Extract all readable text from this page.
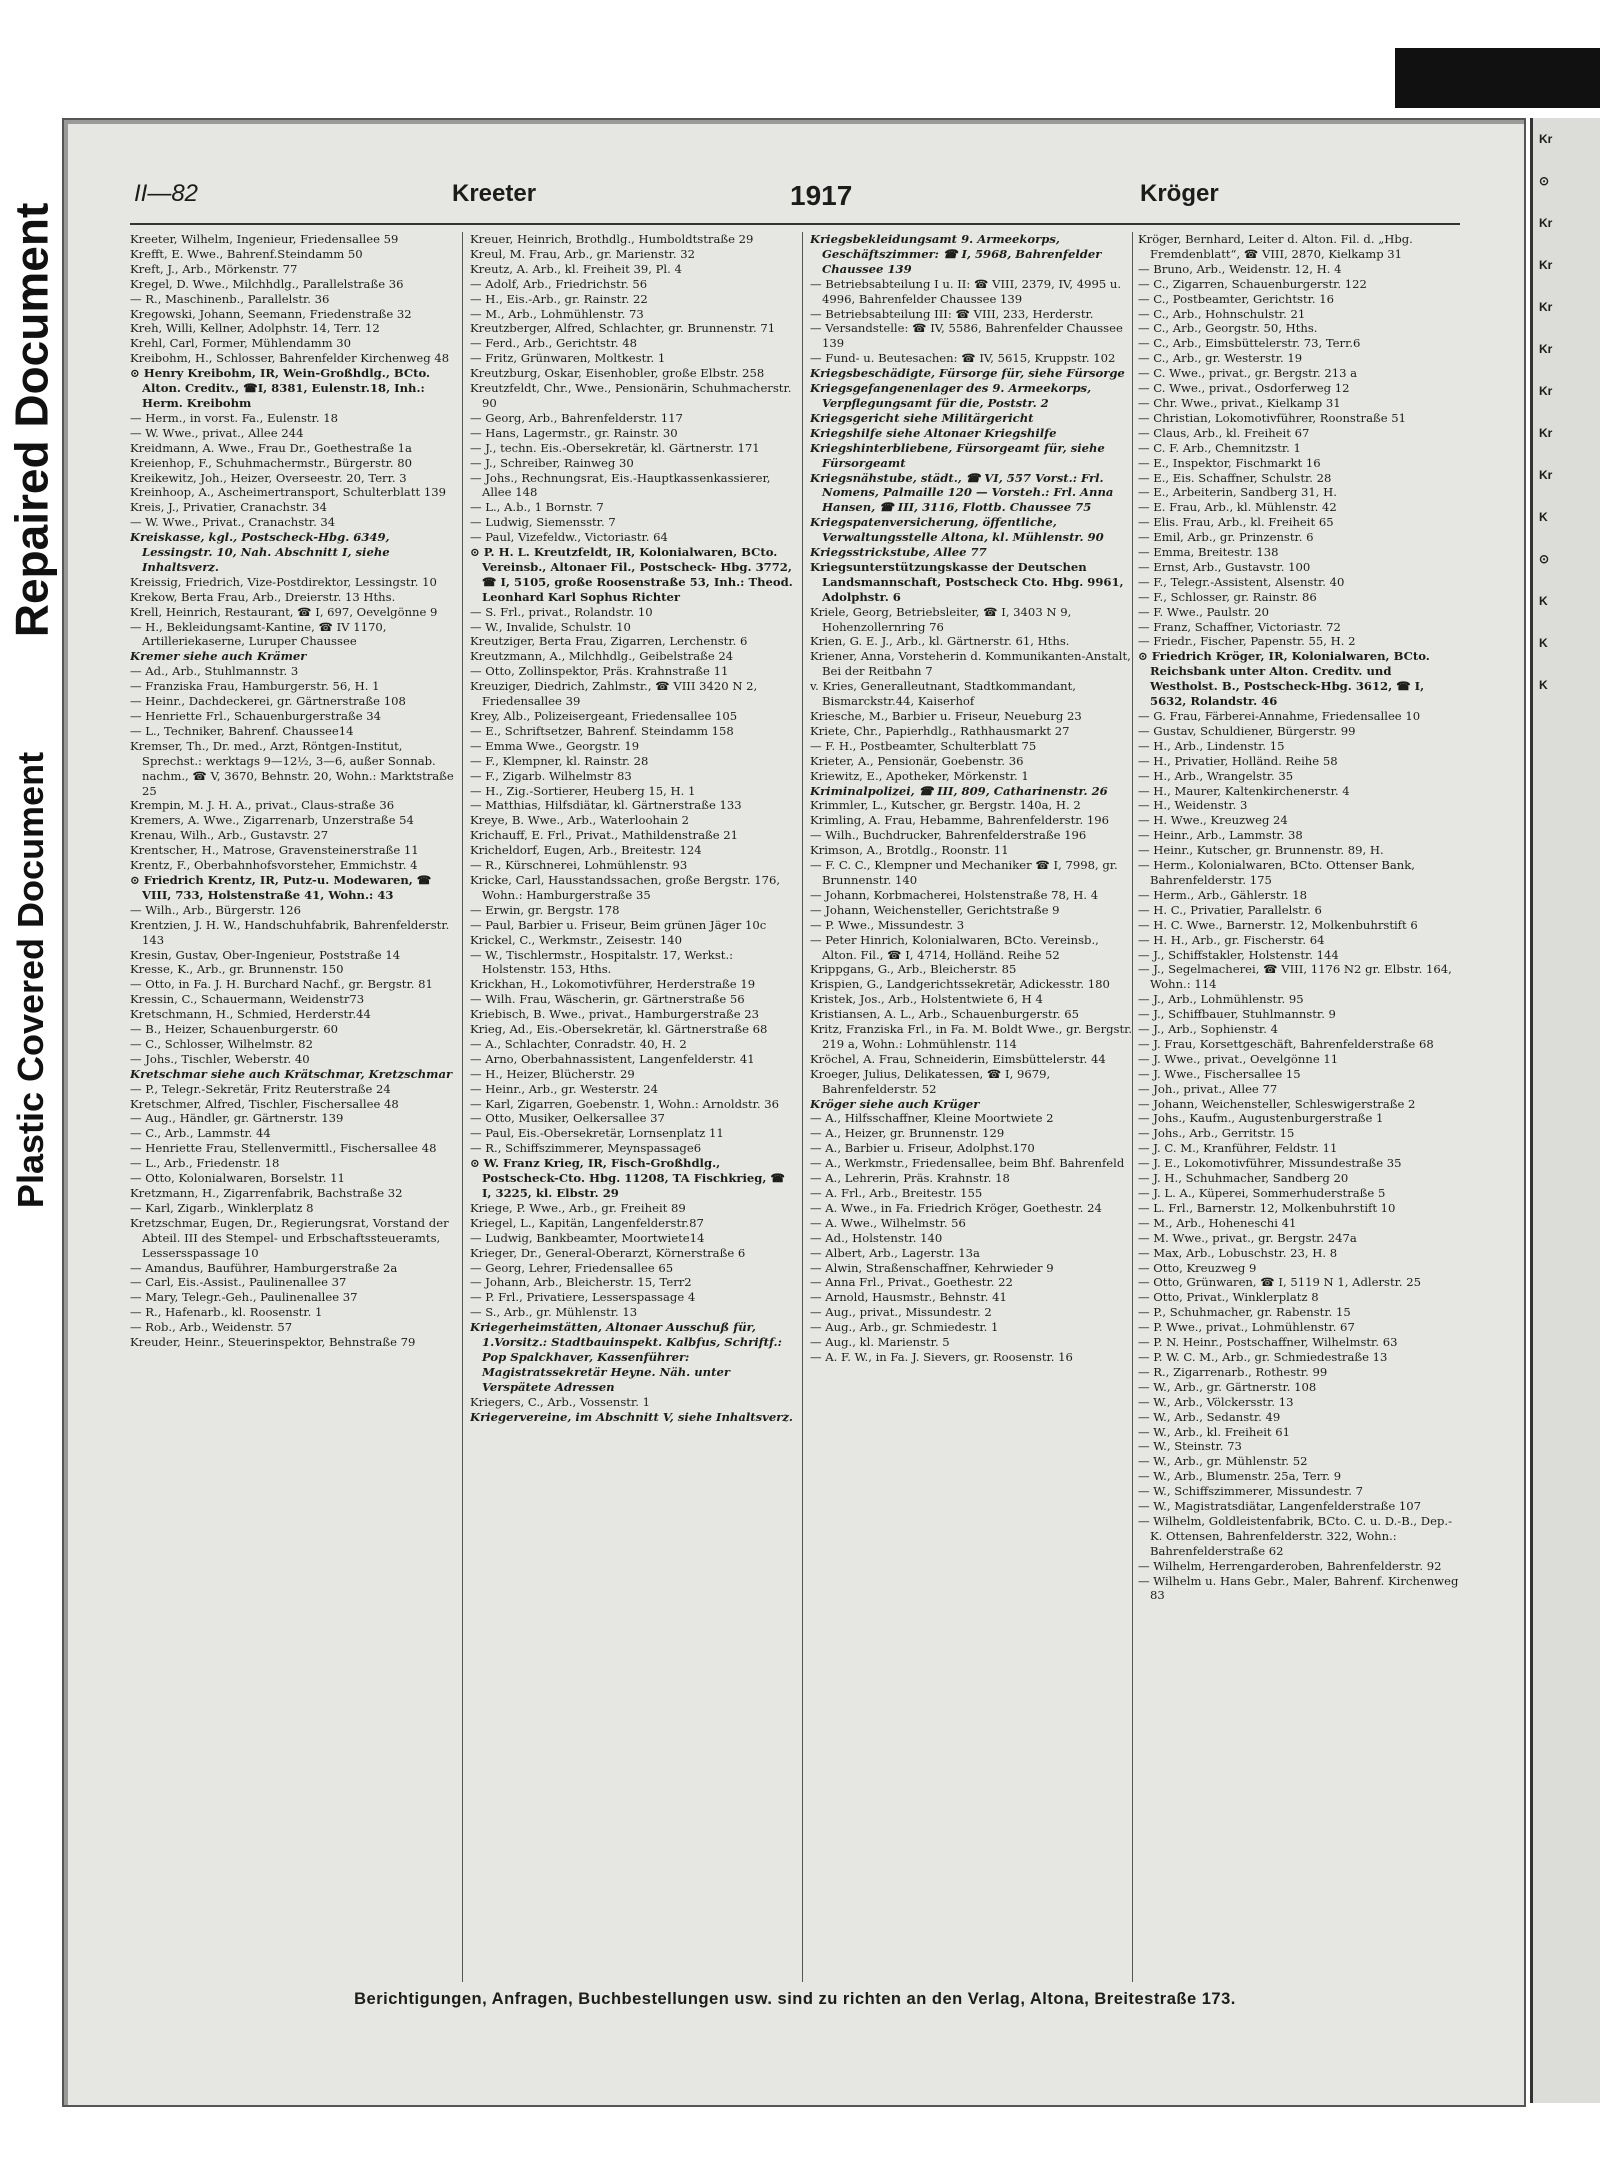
Repaired Document
Plastic Covered Document
II—82	Kreeter	1917	Kröger

Kreeter, Wilhelm, Ingenieur, Friedensallee 59

Krefft, E. Wwe., Bahrenf.Steindamm 50

Kreft, J., Arb., Mörkenstr. 77

Kregel, D. Wwe., Milchhdlg., Parallelstraße 36

— R., Maschinenb., Parallelstr. 36

Kregowski, Johann, Seemann, Friedenstraße 32

Kreh, Willi, Kellner, Adolphstr. 14, Terr. 12

Krehl, Carl, Former, Mühlendamm 30

Kreibohm, H., Schlosser, Bahrenfelder Kirchenweg 48

⊙ Henry Kreibohm, IR, Wein-Großhdlg., BCto. Alton. Creditv., ☎I, 8381, Eulenstr.18, Inh.: Herm. Kreibohm

— Herm., in vorst. Fa., Eulenstr. 18

— W. Wwe., privat., Allee 244

Kreidmann, A. Wwe., Frau Dr., Goethestraße 1a

Kreienhop, F., Schuhmachermstr., Bürgerstr. 80

Kreikewitz, Joh., Heizer, Overseestr. 20, Terr. 3

Kreinhoop, A., Ascheimertransport, Schulterblatt 139

Kreis, J., Privatier, Cranachstr. 34

— W. Wwe., Privat., Cranachstr. 34

Kreiskasse, kgl., Postscheck-Hbg. 6349, Lessingstr. 10, Nah. Abschnitt I, siehe Inhaltsverz.

Kreissig, Friedrich, Vize-Postdirektor, Lessingstr. 10

Krekow, Berta Frau, Arb., Dreierstr. 13 Hths.

Krell, Heinrich, Restaurant, ☎ I, 697, Oevelgönne 9

— H., Bekleidungsamt-Kantine, ☎ IV 1170, Artilleriekaserne, Luruper Chaussee

Kremer siehe auch Krämer

— Ad., Arb., Stuhlmannstr. 3

— Franziska Frau, Hamburgerstr. 56, H. 1

— Heinr., Dachdeckerei, gr. Gärtnerstraße 108

— Henriette Frl., Schauenburgerstraße 34

— L., Techniker, Bahrenf. Chaussee14

Kremser, Th., Dr. med., Arzt, Röntgen-Institut, Sprechst.: werktags 9—12½, 3—6, außer Sonnab. nachm., ☎ V, 3670, Behnstr. 20, Wohn.: Marktstraße 25

Krempin, M. J. H. A., privat., Claus-straße 36

Kremers, A. Wwe., Zigarrenarb, Unzerstraße 54

Krenau, Wilh., Arb., Gustavstr. 27

Krentscher, H., Matrose, Gravensteinerstraße 11

Krentz, F., Oberbahnhofsvorsteher, Emmichstr. 4

⊙ Friedrich Krentz, IR, Putz-u. Modewaren, ☎ VIII, 733, Holstenstraße 41, Wohn.: 43

— Wilh., Arb., Bürgerstr. 126

Krentzien, J. H. W., Handschuhfabrik, Bahrenfelderstr. 143

Kresin, Gustav, Ober-Ingenieur, Poststraße 14

Kresse, K., Arb., gr. Brunnenstr. 150

— Otto, in Fa. J. H. Burchard Nachf., gr. Bergstr. 81

Kressin, C., Schauermann, Weidenstr73

Kretschmann, H., Schmied, Herderstr.44

— B., Heizer, Schauenburgerstr. 60

— C., Schlosser, Wilhelmstr. 82

— Johs., Tischler, Weberstr. 40

Kretschmar siehe auch Krätschmar, Kretzschmar

— P., Telegr.-Sekretär, Fritz Reuterstraße 24

Kretschmer, Alfred, Tischler, Fischersallee 48

— Aug., Händler, gr. Gärtnerstr. 139

— C., Arb., Lammstr. 44

— Henriette Frau, Stellenvermittl., Fischersallee 48

— L., Arb., Friedenstr. 18

— Otto, Kolonialwaren, Borselstr. 11

Kretzmann, H., Zigarrenfabrik, Bachstraße 32

— Karl, Zigarb., Winklerplatz 8

Kretzschmar, Eugen, Dr., Regierungsrat, Vorstand der Abteil. III des Stempel- und Erbschaftssteueramts, Lessersspassage 10

— Amandus, Bauführer, Hamburgerstraße 2a

— Carl, Eis.-Assist., Paulinenallee 37

— Mary, Telegr.-Geh., Paulinenallee 37

— R., Hafenarb., kl. Roosenstr. 1

— Rob., Arb., Weidenstr. 57

Kreuder, Heinr., Steuerinspektor, Behnstraße 79

Kreuer, Heinrich, Brothdlg., Humboldtstraße 29

Kreul, M. Frau, Arb., gr. Marienstr. 32

Kreutz, A. Arb., kl. Freiheit 39, Pl. 4

— Adolf, Arb., Friedrichstr. 56

— H., Eis.-Arb., gr. Rainstr. 22

— M., Arb., Lohmühlenstr. 73

Kreutzberger, Alfred, Schlachter, gr. Brunnenstr. 71

— Ferd., Arb., Gerichtstr. 48

— Fritz, Grünwaren, Moltkestr. 1

Kreutzburg, Oskar, Eisenhobler, große Elbstr. 258

Kreutzfeldt, Chr., Wwe., Pensionärin, Schuhmacherstr. 90

— Georg, Arb., Bahrenfelderstr. 117

— Hans, Lagermstr., gr. Rainstr. 30

— J., techn. Eis.-Obersekretär, kl. Gärtnerstr. 171

— J., Schreiber, Rainweg 30

— Johs., Rechnungsrat, Eis.-Hauptkassenkassierer, Allee 148

— L., A.b., 1 Bornstr. 7

— Ludwig, Siemensstr. 7

— Paul, Vizefeldw., Victoriastr. 64

⊙ P. H. L. Kreutzfeldt, IR, Kolonialwaren, BCto. Vereinsb., Altonaer Fil., Postscheck- Hbg. 3772, ☎ I, 5105, große Roosenstraße 53, Inh.: Theod. Leonhard Karl Sophus Richter

— S. Frl., privat., Rolandstr. 10

— W., Invalide, Schulstr. 10

Kreutziger, Berta Frau, Zigarren, Lerchenstr. 6

Kreutzmann, A., Milchhdlg., Geibelstraße 24

— Otto, Zollinspektor, Präs. Krahnstraße 11

Kreuziger, Diedrich, Zahlmstr., ☎ VIII 3420 N 2, Friedensallee 39

Krey, Alb., Polizeisergeant, Friedensallee 105

— E., Schriftsetzer, Bahrenf. Steindamm 158

— Emma Wwe., Georgstr. 19

— F., Klempner, kl. Rainstr. 28

— F., Zigarb. Wilhelmstr 83

— H., Zig.-Sortierer, Heuberg 15, H. 1

— Matthias, Hilfsdiätar, kl. Gärtnerstraße 133

Kreye, B. Wwe., Arb., Waterloohain 2

Krichauff, E. Frl., Privat., Mathildenstraße 21

Kricheldorf, Eugen, Arb., Breitestr. 124

— R., Kürschnerei, Lohmühlenstr. 93

Kricke, Carl, Hausstandssachen, große Bergstr. 176, Wohn.: Hamburgerstraße 35

— Erwin, gr. Bergstr. 178

— Paul, Barbier u. Friseur, Beim grünen Jäger 10c

Krickel, C., Werkmstr., Zeisestr. 140

— W., Tischlermstr., Hospitalstr. 17, Werkst.: Holstenstr. 153, Hths.

Krickhan, H., Lokomotivführer, Herderstraße 19

— Wilh. Frau, Wäscherin, gr. Gärtnerstraße 56

Kriebisch, B. Wwe., privat., Hamburgerstraße 23

Krieg, Ad., Eis.-Obersekretär, kl. Gärtnerstraße 68

— A., Schlachter, Conradstr. 40, H. 2

— Arno, Oberbahnassistent, Langenfelderstr. 41

— H., Heizer, Blücherstr. 29

— Heinr., Arb., gr. Westerstr. 24

— Karl, Zigarren, Goebenstr. 1, Wohn.: Arnoldstr. 36

— Otto, Musiker, Oelkersallee 37

— Paul, Eis.-Obersekretär, Lornsenplatz 11

— R., Schiffszimmerer, Meynspassage6

⊙ W. Franz Krieg, IR, Fisch-Großhdlg., Postscheck-Cto. Hbg. 11208, TA Fischkrieg, ☎ I, 3225, kl. Elbstr. 29

Kriege, P. Wwe., Arb., gr. Freiheit 89

Kriegel, L., Kapitän, Langenfelderstr.87

— Ludwig, Bankbeamter, Moortwiete14

Krieger, Dr., General-Oberarzt, Körnerstraße 6

— Georg, Lehrer, Friedensallee 65

— Johann, Arb., Bleicherstr. 15, Terr2

— P. Frl., Privatiere, Lesserspassage 4

— S., Arb., gr. Mühlenstr. 13

Kriegerheimstätten, Altonaer Ausschuß für, 1.Vorsitz.: Stadtbauinspekt. Kalbfus, Schriftf.: Pop Spalckhaver, Kassenführer: Magistratssekretär Heyne. Näh. unter Verspätete Adressen

Kriegers, C., Arb., Vossenstr. 1

Kriegervereine, im Abschnitt V, siehe Inhaltsverz.

Kriegsbekleidungsamt 9. Armeekorps, Geschäftszimmer: ☎ I, 5968, Bahrenfelder Chaussee 139

— Betriebsabteilung I u. II: ☎ VIII, 2379, IV, 4995 u. 4996, Bahrenfelder Chaussee 139

— Betriebsabteilung III: ☎ VIII, 233, Herderstr.

— Versandstelle: ☎ IV, 5586, Bahrenfelder Chaussee 139

— Fund- u. Beutesachen: ☎ IV, 5615, Kruppstr. 102

Kriegsbeschädigte, Fürsorge für, siehe Fürsorge

Kriegsgefangenenlager des 9. Armeekorps, Verpflegungsamt für die, Poststr. 2

Kriegsgericht siehe Militärgericht

Kriegshilfe siehe Altonaer Kriegshilfe

Kriegshinterbliebene, Fürsorgeamt für, siehe Fürsorgeamt

Kriegsnähstube, städt., ☎ VI, 557 Vorst.: Frl. Nomens, Palmaille 120 — Vorsteh.: Frl. Anna Hansen, ☎ III, 3116, Flottb. Chaussee 75

Kriegspatenversicherung, öffentliche, Verwaltungsstelle Altona, kl. Mühlenstr. 90

Kriegsstrickstube, Allee 77

Kriegsunterstützungskasse der Deutschen Landsmannschaft, Postscheck Cto. Hbg. 9961, Adolphstr. 6

Kriele, Georg, Betriebsleiter, ☎ I, 3403 N 9, Hohenzollernring 76

Krien, G. E. J., Arb., kl. Gärtnerstr. 61, Hths.

Kriener, Anna, Vorsteherin d. Kommunikanten-Anstalt, Bei der Reitbahn 7

v. Kries, Generalleutnant, Stadtkommandant, Bismarckstr.44, Kaiserhof

Kriesche, M., Barbier u. Friseur, Neueburg 23

Kriete, Chr., Papierhdlg., Rathhausmarkt 27

— F. H., Postbeamter, Schulterblatt 75

Krieter, A., Pensionär, Goebenstr. 36

Kriewitz, E., Apotheker, Mörkenstr. 1

Kriminalpolizei, ☎ III, 809, Catharinenstr. 26

Krimmler, L., Kutscher, gr. Bergstr. 140a, H. 2

Krimling, A. Frau, Hebamme, Bahrenfelderstr. 196

— Wilh., Buchdrucker, Bahrenfelderstraße 196

Krimson, A., Brotdlg., Roonstr. 11

— F. C. C., Klempner und Mechaniker ☎ I, 7998, gr. Brunnenstr. 140

— Johann, Korbmacherei, Holstenstraße 78, H. 4

— Johann, Weichensteller, Gerichtstraße 9

— P. Wwe., Missundestr. 3

— Peter Hinrich, Kolonialwaren, BCto. Vereinsb., Alton. Fil., ☎ I, 4714, Holländ. Reihe 52

Krippgans, G., Arb., Bleicherstr. 85

Krispien, G., Landgerichtssekretär, Adickesstr. 180

Kristek, Jos., Arb., Holstentwiete 6, H 4

Kristiansen, A. L., Arb., Schauenburgerstr. 65

Kritz, Franziska Frl., in Fa. M. Boldt Wwe., gr. Bergstr. 219 a, Wohn.: Lohmühlenstr. 114

Kröchel, A. Frau, Schneiderin, Eimsbüttelerstr. 44

Kroeger, Julius, Delikatessen, ☎ I, 9679, Bahrenfelderstr. 52

Kröger siehe auch Krüger

— A., Hilfsschaffner, Kleine Moortwiete 2

— A., Heizer, gr. Brunnenstr. 129

— A., Barbier u. Friseur, Adolphst.170

— A., Werkmstr., Friedensallee, beim Bhf. Bahrenfeld

— A., Lehrerin, Präs. Krahnstr. 18

— A. Frl., Arb., Breitestr. 155

— A. Wwe., in Fa. Friedrich Kröger, Goethestr. 24

— A. Wwe., Wilhelmstr. 56

— Ad., Holstenstr. 140

— Albert, Arb., Lagerstr. 13a

— Alwin, Straßenschaffner, Kehrwieder 9

— Anna Frl., Privat., Goethestr. 22

— Arnold, Hausmstr., Behnstr. 41

— Aug., privat., Missundestr. 2

— Aug., Arb., gr. Schmiedestr. 1

— Aug., kl. Marienstr. 5

— A. F. W., in Fa. J. Sievers, gr. Roosenstr. 16

Kröger, Bernhard, Leiter d. Alton. Fil. d. „Hbg. Fremdenblatt“, ☎ VIII, 2870, Kielkamp 31

— Bruno, Arb., Weidenstr. 12, H. 4

— C., Zigarren, Schauenburgerstr. 122

— C., Postbeamter, Gerichtstr. 16

— C., Arb., Hohnschulstr. 21

— C., Arb., Georgstr. 50, Hths.

— C., Arb., Eimsbüttelerstr. 73, Terr.6

— C., Arb., gr. Westerstr. 19

— C. Wwe., privat., gr. Bergstr. 213 a

— C. Wwe., privat., Osdorferweg 12

— Chr. Wwe., privat., Kielkamp 31

— Christian, Lokomotivführer, Roonstraße 51

— Claus, Arb., kl. Freiheit 67

— C. F. Arb., Chemnitzstr. 1

— E., Inspektor, Fischmarkt 16

— E., Eis. Schaffner, Schulstr. 28

— E., Arbeiterin, Sandberg 31, H.

— E. Frau, Arb., kl. Mühlenstr. 42

— Elis. Frau, Arb., kl. Freiheit 65

— Emil, Arb., gr. Prinzenstr. 6

— Emma, Breitestr. 138

— Ernst, Arb., Gustavstr. 100

— F., Telegr.-Assistent, Alsenstr. 40

— F., Schlosser, gr. Rainstr. 86

— F. Wwe., Paulstr. 20

— Franz, Schaffner, Victoriastr. 72

— Friedr., Fischer, Papenstr. 55, H. 2

⊙ Friedrich Kröger, IR, Kolonialwaren, BCto. Reichsbank unter Alton. Creditv. und Westholst. B., Postscheck-Hbg. 3612, ☎ I, 5632, Rolandstr. 46

— G. Frau, Färberei-Annahme, Friedensallee 10

— Gustav, Schuldiener, Bürgerstr. 99

— H., Arb., Lindenstr. 15

— H., Privatier, Holländ. Reihe 58

— H., Arb., Wrangelstr. 35

— H., Maurer, Kaltenkirchenerstr. 4

— H., Weidenstr. 3

— H. Wwe., Kreuzweg 24

— Heinr., Arb., Lammstr. 38

— Heinr., Kutscher, gr. Brunnenstr. 89, H.

— Herm., Kolonialwaren, BCto. Ottenser Bank, Bahrenfelderstr. 175

— Herm., Arb., Gählerstr. 18

— H. C., Privatier, Parallelstr. 6

— H. C. Wwe., Barnerstr. 12, Molkenbuhrstift 6

— H. H., Arb., gr. Fischerstr. 64

— J., Schiffstakler, Holstenstr. 144

— J., Segelmacherei, ☎ VIII, 1176 N2 gr. Elbstr. 164, Wohn.: 114

— J., Arb., Lohmühlenstr. 95

— J., Schiffbauer, Stuhlmannstr. 9

— J., Arb., Sophienstr. 4

— J. Frau, Korsettgeschäft, Bahrenfelderstraße 68

— J. Wwe., privat., Oevelgönne 11

— J. Wwe., Fischersallee 15

— Joh., privat., Allee 77

— Johann, Weichensteller, Schleswigerstraße 2

— Johs., Kaufm., Augustenburgerstraße 1

— Johs., Arb., Gerritstr. 15

— J. C. M., Kranführer, Feldstr. 11

— J. E., Lokomotivführer, Missundestraße 35

— J. H., Schuhmacher, Sandberg 20

— J. L. A., Küperei, Sommerhuderstraße 5

— L. Frl., Barnerstr. 12, Molkenbuhrstift 10

— M., Arb., Hoheneschi 41

— M. Wwe., privat., gr. Bergstr. 247a

— Max, Arb., Lobuschstr. 23, H. 8

— Otto, Kreuzweg 9

— Otto, Grünwaren, ☎ I, 5119 N 1, Adlerstr. 25

— Otto, Privat., Winklerplatz 8

— P., Schuhmacher, gr. Rabenstr. 15

— P. Wwe., privat., Lohmühlenstr. 67

— P. N. Heinr., Postschaffner, Wilhelmstr. 63

— P. W. C. M., Arb., gr. Schmiedestraße 13

— R., Zigarrenarb., Rothestr. 99

— W., Arb., gr. Gärtnerstr. 108

— W., Arb., Völckersstr. 13

— W., Arb., Sedanstr. 49

— W., Arb., kl. Freiheit 61

— W., Steinstr. 73

— W., Arb., gr. Mühlenstr. 52

— W., Arb., Blumenstr. 25a, Terr. 9

— W., Schiffszimmerer, Missundestr. 7

— W., Magistratsdiätar, Langenfelderstraße 107

— Wilhelm, Goldleistenfabrik, BCto. C. u. D.-B., Dep.-K. Ottensen, Bahrenfelderstr. 322, Wohn.: Bahrenfelderstraße 62

— Wilhelm, Herrengarderoben, Bahrenfelderstr. 92

— Wilhelm u. Hans Gebr., Maler, Bahrenf. Kirchenweg 83

Berichtigungen, Anfragen, Buchbestellungen usw. sind zu richten an den Verlag, Altona, Breitestraße 173.
Kr
⊙
Kr
Kr
Kr
Kr
Kr
Kr
Kr
K
⊙
K
K
K
